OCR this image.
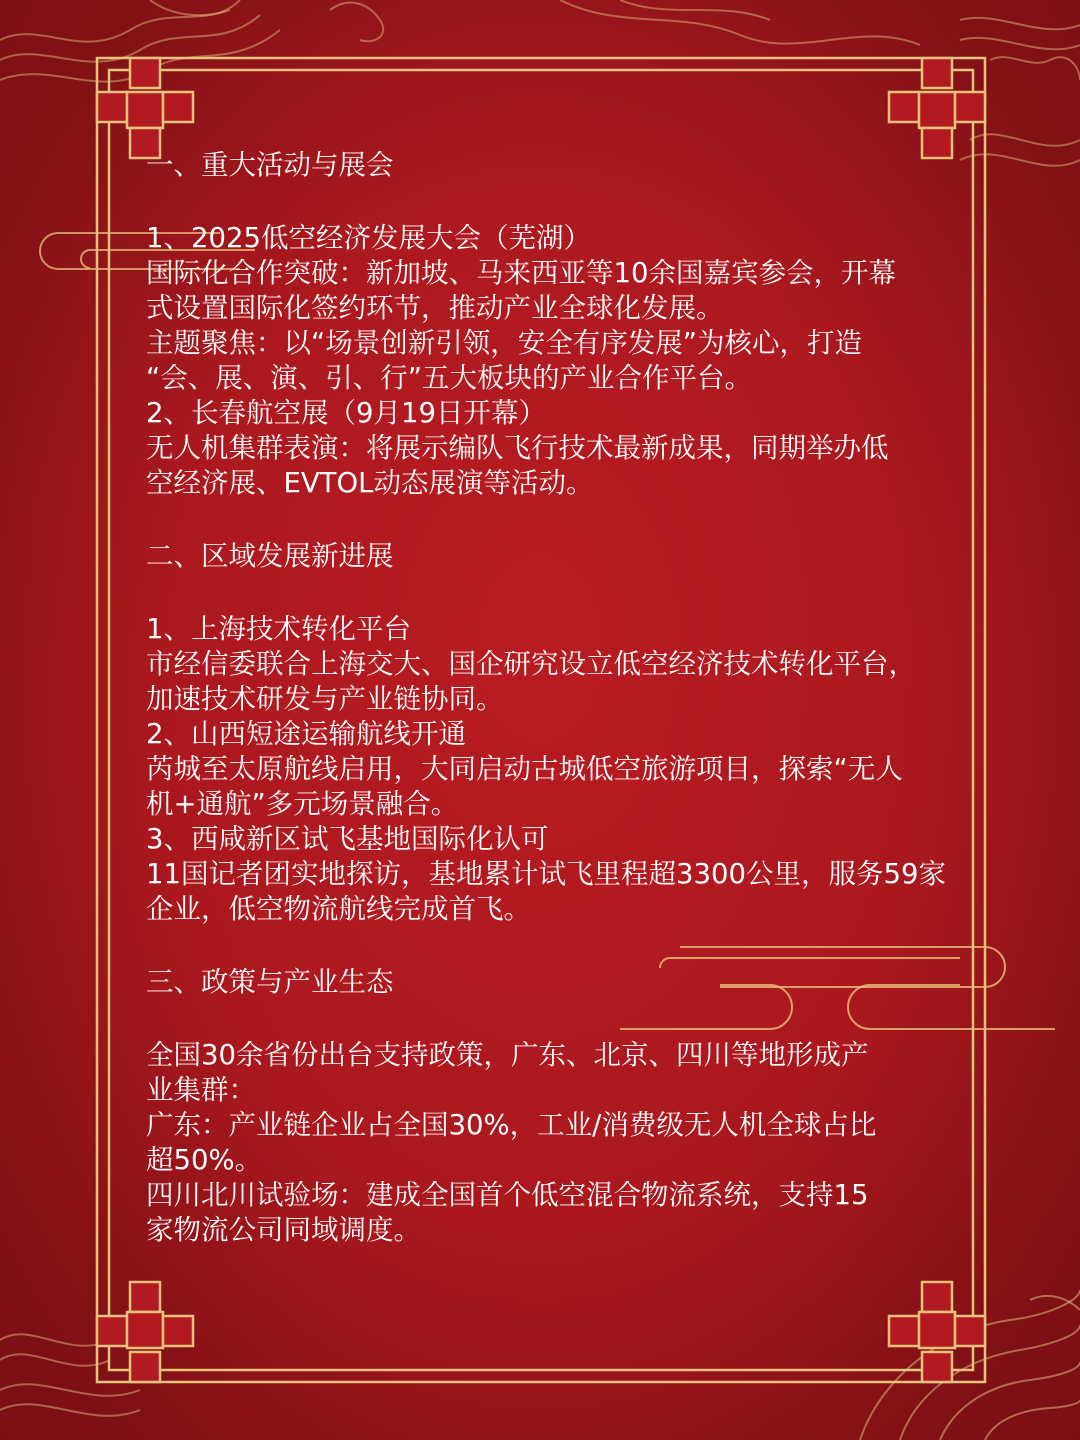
一、重大活动与展会
1、2025低空经济发展大会（芜湖）
国际化合作突破：新加坡、马来西亚等10余国嘉宾参会，开幕
式设置国际化签约环节，推动产业全球化发展。
主题聚焦：以“场景创新引领，安全有序发展”为核心，打造
“会、展、演、引、行”五大板块的产业合作平台。
2、长春航空展（9月19日开幕）
无人机集群表演：将展示编队飞行技术最新成果，同期举办低
空经济展、EVTOL动态展演等活动。
二、区域发展新进展
1、上海技术转化平台
市经信委联合上海交大、国企研究设立低空经济技术转化平台，
加速技术研发与产业链协同。
2、山西短途运输航线开通
芮城至太原航线启用，大同启动古城低空旅游项目，探索“无人
机+通航”多元场景融合。
3、西咸新区试飞基地国际化认可
11国记者团实地探访，基地累计试飞里程超3300公里，服务59家
企业，低空物流航线完成首飞。
三、政策与产业生态
全国30余省份出台支持政策，广东、北京、四川等地形成产
业集群：
广东：产业链企业占全国30%，工业/消费级无人机全球占比
超50%。
四川北川试验场：建成全国首个低空混合物流系统，支持15
家物流公司同域调度。
